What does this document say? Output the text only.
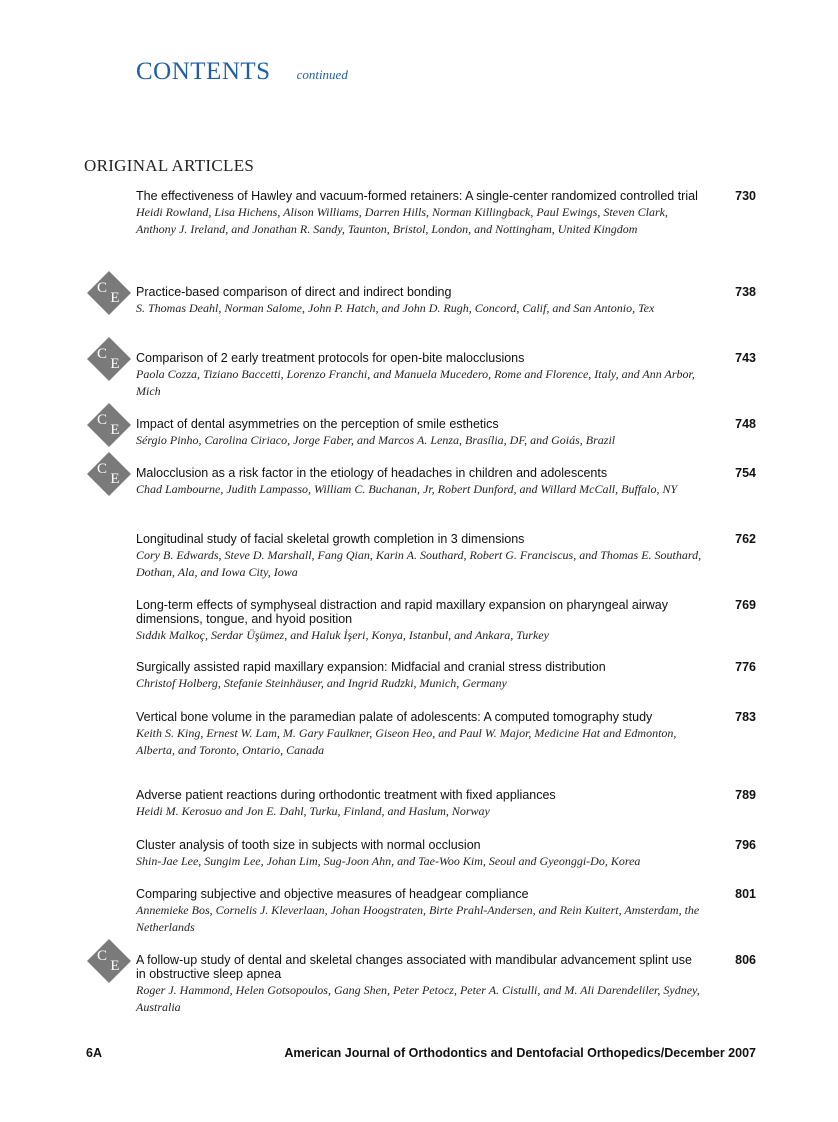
CONTENTS continued
ORIGINAL ARTICLES
C
E
C
E
C
E
C
E
C
E
The effectiveness of Hawley and vacuum-formed retainers: A single-center randomized controlled trial
Heidi Rowland, Lisa Hichens, Alison Williams, Darren Hills, Norman Killingback, Paul Ewings, Steven Clark, Anthony J. Ireland, and Jonathan R. Sandy, Taunton, Bristol, London, and Nottingham, United Kingdom
730
Practice-based comparison of direct and indirect bonding
S. Thomas Deahl, Norman Salome, John P. Hatch, and John D. Rugh, Concord, Calif, and San Antonio, Tex
738
Comparison of 2 early treatment protocols for open-bite malocclusions
Paola Cozza, Tiziano Baccetti, Lorenzo Franchi, and Manuela Mucedero, Rome and Florence, Italy, and Ann Arbor, Mich
743
Impact of dental asymmetries on the perception of smile esthetics
Sérgio Pinho, Carolina Ciriaco, Jorge Faber, and Marcos A. Lenza, Brasília, DF, and Goiás, Brazil
748
Malocclusion as a risk factor in the etiology of headaches in children and adolescents
Chad Lambourne, Judith Lampasso, William C. Buchanan, Jr, Robert Dunford, and Willard McCall, Buffalo, NY
754
Longitudinal study of facial skeletal growth completion in 3 dimensions
Cory B. Edwards, Steve D. Marshall, Fang Qian, Karin A. Southard, Robert G. Franciscus, and Thomas E. Southard, Dothan, Ala, and Iowa City, Iowa
762
Long-term effects of symphyseal distraction and rapid maxillary expansion on pharyngeal airway dimensions, tongue, and hyoid position
Sıddık Malkoç, Serdar Üşümez, and Haluk İşeri, Konya, Istanbul, and Ankara, Turkey
769
Surgically assisted rapid maxillary expansion: Midfacial and cranial stress distribution
Christof Holberg, Stefanie Steinhäuser, and Ingrid Rudzki, Munich, Germany
776
Vertical bone volume in the paramedian palate of adolescents: A computed tomography study
Keith S. King, Ernest W. Lam, M. Gary Faulkner, Giseon Heo, and Paul W. Major, Medicine Hat and Edmonton, Alberta, and Toronto, Ontario, Canada
783
Adverse patient reactions during orthodontic treatment with fixed appliances
Heidi M. Kerosuo and Jon E. Dahl, Turku, Finland, and Haslum, Norway
789
Cluster analysis of tooth size in subjects with normal occlusion
Shin-Jae Lee, Sungim Lee, Johan Lim, Sug-Joon Ahn, and Tae-Woo Kim, Seoul and Gyeonggi-Do, Korea
796
Comparing subjective and objective measures of headgear compliance
Annemieke Bos, Cornelis J. Kleverlaan, Johan Hoogstraten, Birte Prahl-Andersen, and Rein Kuitert, Amsterdam, the Netherlands
801
A follow-up study of dental and skeletal changes associated with mandibular advancement splint use in obstructive sleep apnea
Roger J. Hammond, Helen Gotsopoulos, Gang Shen, Peter Petocz, Peter A. Cistulli, and M. Ali Darendeliler, Sydney, Australia
806
6A	American Journal of Orthodontics and Dentofacial Orthopedics/December 2007
